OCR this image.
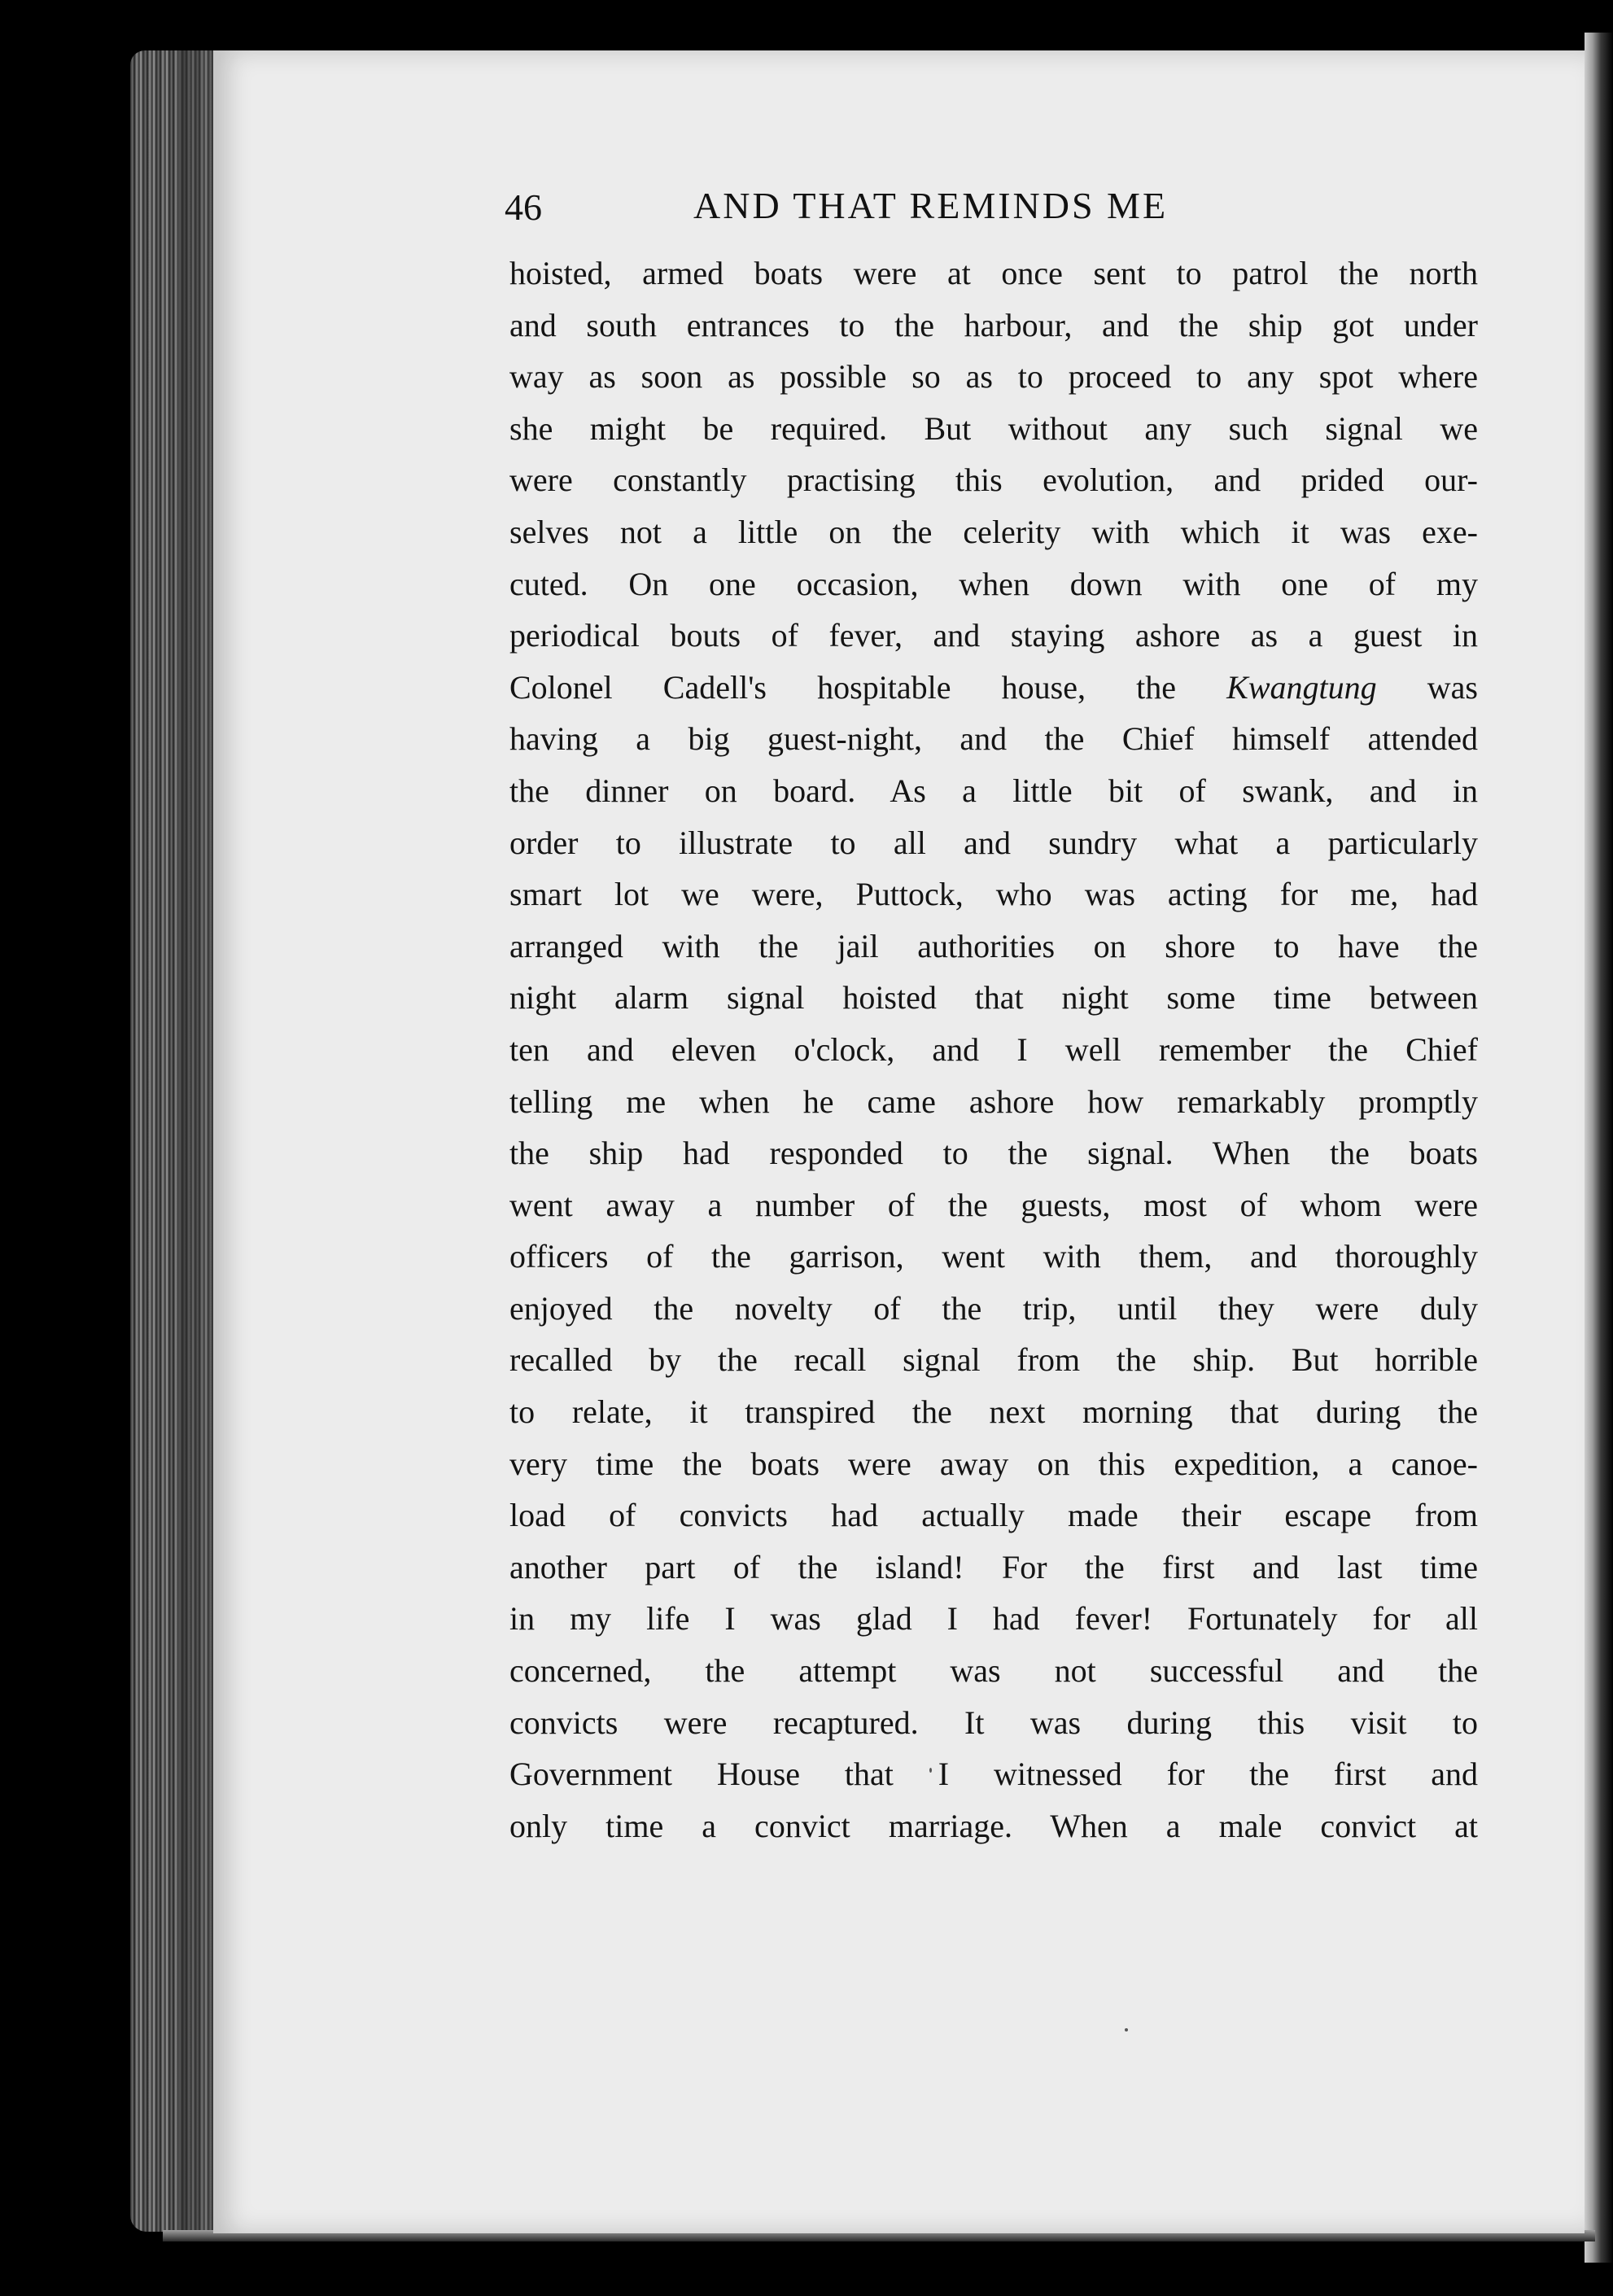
46	AND THAT REMINDS ME
hoisted, armed boats were at once sent to patrol the north
and south entrances to the harbour, and the ship got under
way as soon as possible so as to proceed to any spot where
she might be required. But without any such signal we
were constantly practising this evolution, and prided our-
selves not a little on the celerity with which it was exe-
cuted. On one occasion, when down with one of my
periodical bouts of fever, and staying ashore as a guest in
Colonel Cadell's hospitable house, the Kwangtung was
having a big guest-night, and the Chief himself attended
the dinner on board. As a little bit of swank, and in
order to illustrate to all and sundry what a particularly
smart lot we were, Puttock, who was acting for me, had
arranged with the jail authorities on shore to have the
night alarm signal hoisted that night some time between
ten and eleven o'clock, and I well remember the Chief
telling me when he came ashore how remarkably promptly
the ship had responded to the signal. When the boats
went away a number of the guests, most of whom were
officers of the garrison, went with them, and thoroughly
enjoyed the novelty of the trip, until they were duly
recalled by the recall signal from the ship. But horrible
to relate, it transpired the next morning that during the
very time the boats were away on this expedition, a canoe-
load of convicts had actually made their escape from
another part of the island! For the first and last time
in my life I was glad I had fever! Fortunately for all
concerned, the attempt was not successful and the
convicts were recaptured. It was during this visit to
Government House that I witnessed for the first and
only time a convict marriage. When a male convict at
